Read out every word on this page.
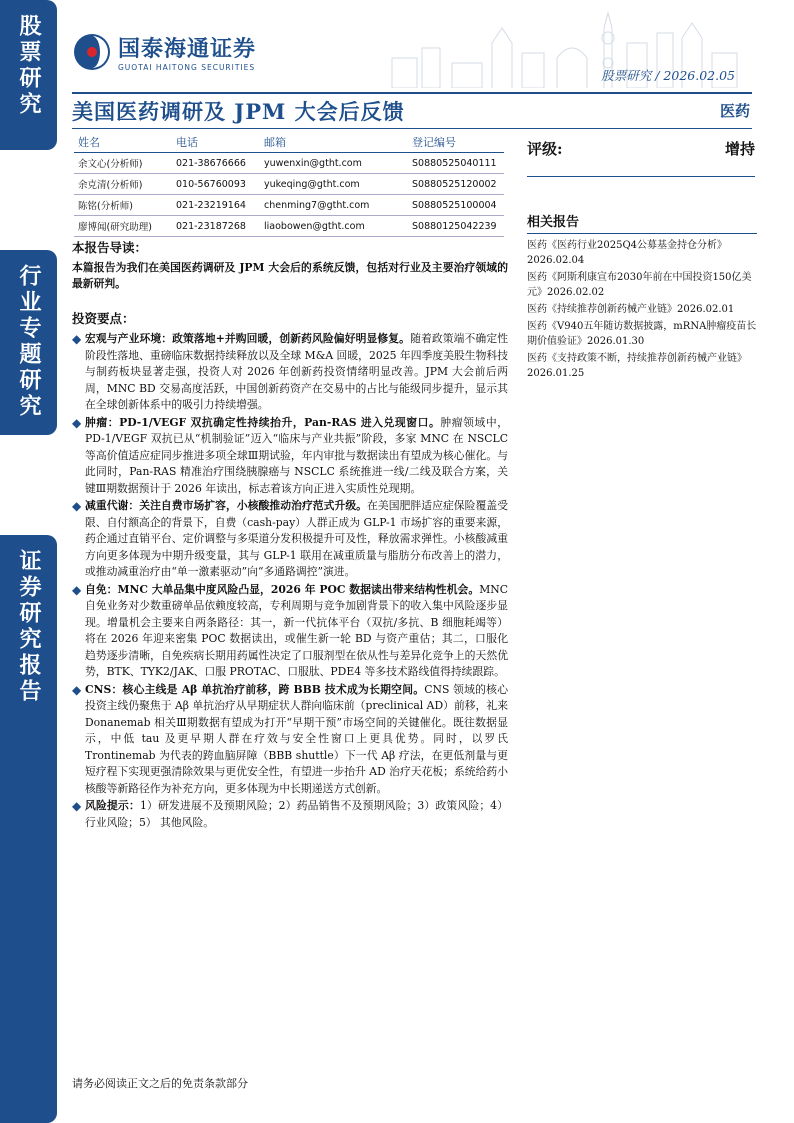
股票研究
行业专题研究
证券研究报告
国泰海通证券
GUOTAI HAITONG SECURITIES
股票研究 / 2026.02.05
美国医药调研及 JPM 大会后反馈	医药
姓名	电话	邮箱	登记编号
余文心(分析师)	021-38676666	yuwenxin@gtht.com	S0880525040111
余克清(分析师)	010-56760093	yukeqing@gtht.com	S0880525120002
陈铭(分析师)	021-23219164	chenming7@gtht.com	S0880525100004
廖博闻(研究助理)	021-23187268	liaobowen@gtht.com	S0880125042239
评级:	增持
相关报告

医药《医药行业2025Q4公募基金持仓分析》2026.02.04

医药《阿斯利康宣布2030年前在中国投资150亿美元》2026.02.02

医药《持续推荐创新药械产业链》2026.02.01

医药《V940五年随访数据披露，mRNA肿瘤疫苗长期价值验证》2026.01.30

医药《支持政策不断，持续推荐创新药械产业链》2026.01.25

本报告导读：
本篇报告为我们在美国医药调研及 JPM 大会后的系统反馈，包括对行业及主要治疗领域的最新研判。
投资要点：
◆ 宏观与产业环境：政策落地+并购回暖，创新药风险偏好明显修复。随着政策端不确定性阶段性落地、重磅临床数据持续释放以及全球 M&A 回暖，2025 年四季度美股生物科技与制药板块显著走强，投资人对 2026 年创新药投资情绪明显改善。JPM 大会前后两周，MNC BD 交易高度活跃，中国创新药资产在交易中的占比与能级同步提升，显示其在全球创新体系中的吸引力持续增强。
◆ 肿瘤：PD-1/VEGF 双抗确定性持续抬升，Pan-RAS 进入兑现窗口。肿瘤领域中，PD-1/VEGF 双抗已从“机制验证”迈入“临床与产业共振”阶段，多家 MNC 在 NSCLC 等高价值适应症同步推进多项全球Ⅲ期试验，年内审批与数据读出有望成为核心催化。与此同时，Pan-RAS 精准治疗围绕胰腺癌与 NSCLC 系统推进一线/二线及联合方案，关键Ⅲ期数据预计于 2026 年读出，标志着该方向正进入实质性兑现期。
◆ 减重代谢：关注自费市场扩容，小核酸推动治疗范式升级。在美国肥胖适应症保险覆盖受限、自付额高企的背景下，自费（cash-pay）人群正成为 GLP-1 市场扩容的重要来源，药企通过直销平台、定价调整与多渠道分发积极提升可及性，释放需求弹性。小核酸减重方向更多体现为中期升级变量，其与 GLP-1 联用在减重质量与脂肪分布改善上的潜力，或推动减重治疗由“单一激素驱动”向“多通路调控”演进。
◆ 自免：MNC 大单品集中度风险凸显，2026 年 POC 数据读出带来结构性机会。MNC 自免业务对少数重磅单品依赖度较高，专利周期与竞争加剧背景下的收入集中风险逐步显现。增量机会主要来自两条路径：其一，新一代抗体平台（双抗/多抗、B 细胞耗竭等）将在 2026 年迎来密集 POC 数据读出，或催生新一轮 BD 与资产重估；其二，口服化趋势逐步清晰，自免疾病长期用药属性决定了口服剂型在依从性与差异化竞争上的天然优势，BTK、TYK2/JAK、口服 PROTAC、口服肽、PDE4 等多技术路线值得持续跟踪。
◆ CNS：核心主线是 Aβ 单抗治疗前移，跨 BBB 技术成为长期空间。CNS 领域的核心投资主线仍聚焦于 Aβ 单抗治疗从早期症状人群向临床前（preclinical AD）前移，礼来 Donanemab 相关Ⅲ期数据有望成为打开“早期干预”市场空间的关键催化。既往数据显示，中低 tau 及更早期人群在疗效与安全性窗口上更具优势。同时，以罗氏 Trontinemab 为代表的跨血脑屏障（BBB shuttle）下一代 Aβ 疗法，在更低剂量与更短疗程下实现更强清除效果与更优安全性，有望进一步抬升 AD 治疗天花板；系统给药小核酸等新路径作为补充方向，更多体现为中长期递送方式创新。
◆ 风险提示：1）研发进展不及预期风险；2）药品销售不及预期风险；3）政策风险；4）行业风险；5） 其他风险。
请务必阅读正文之后的免责条款部分
